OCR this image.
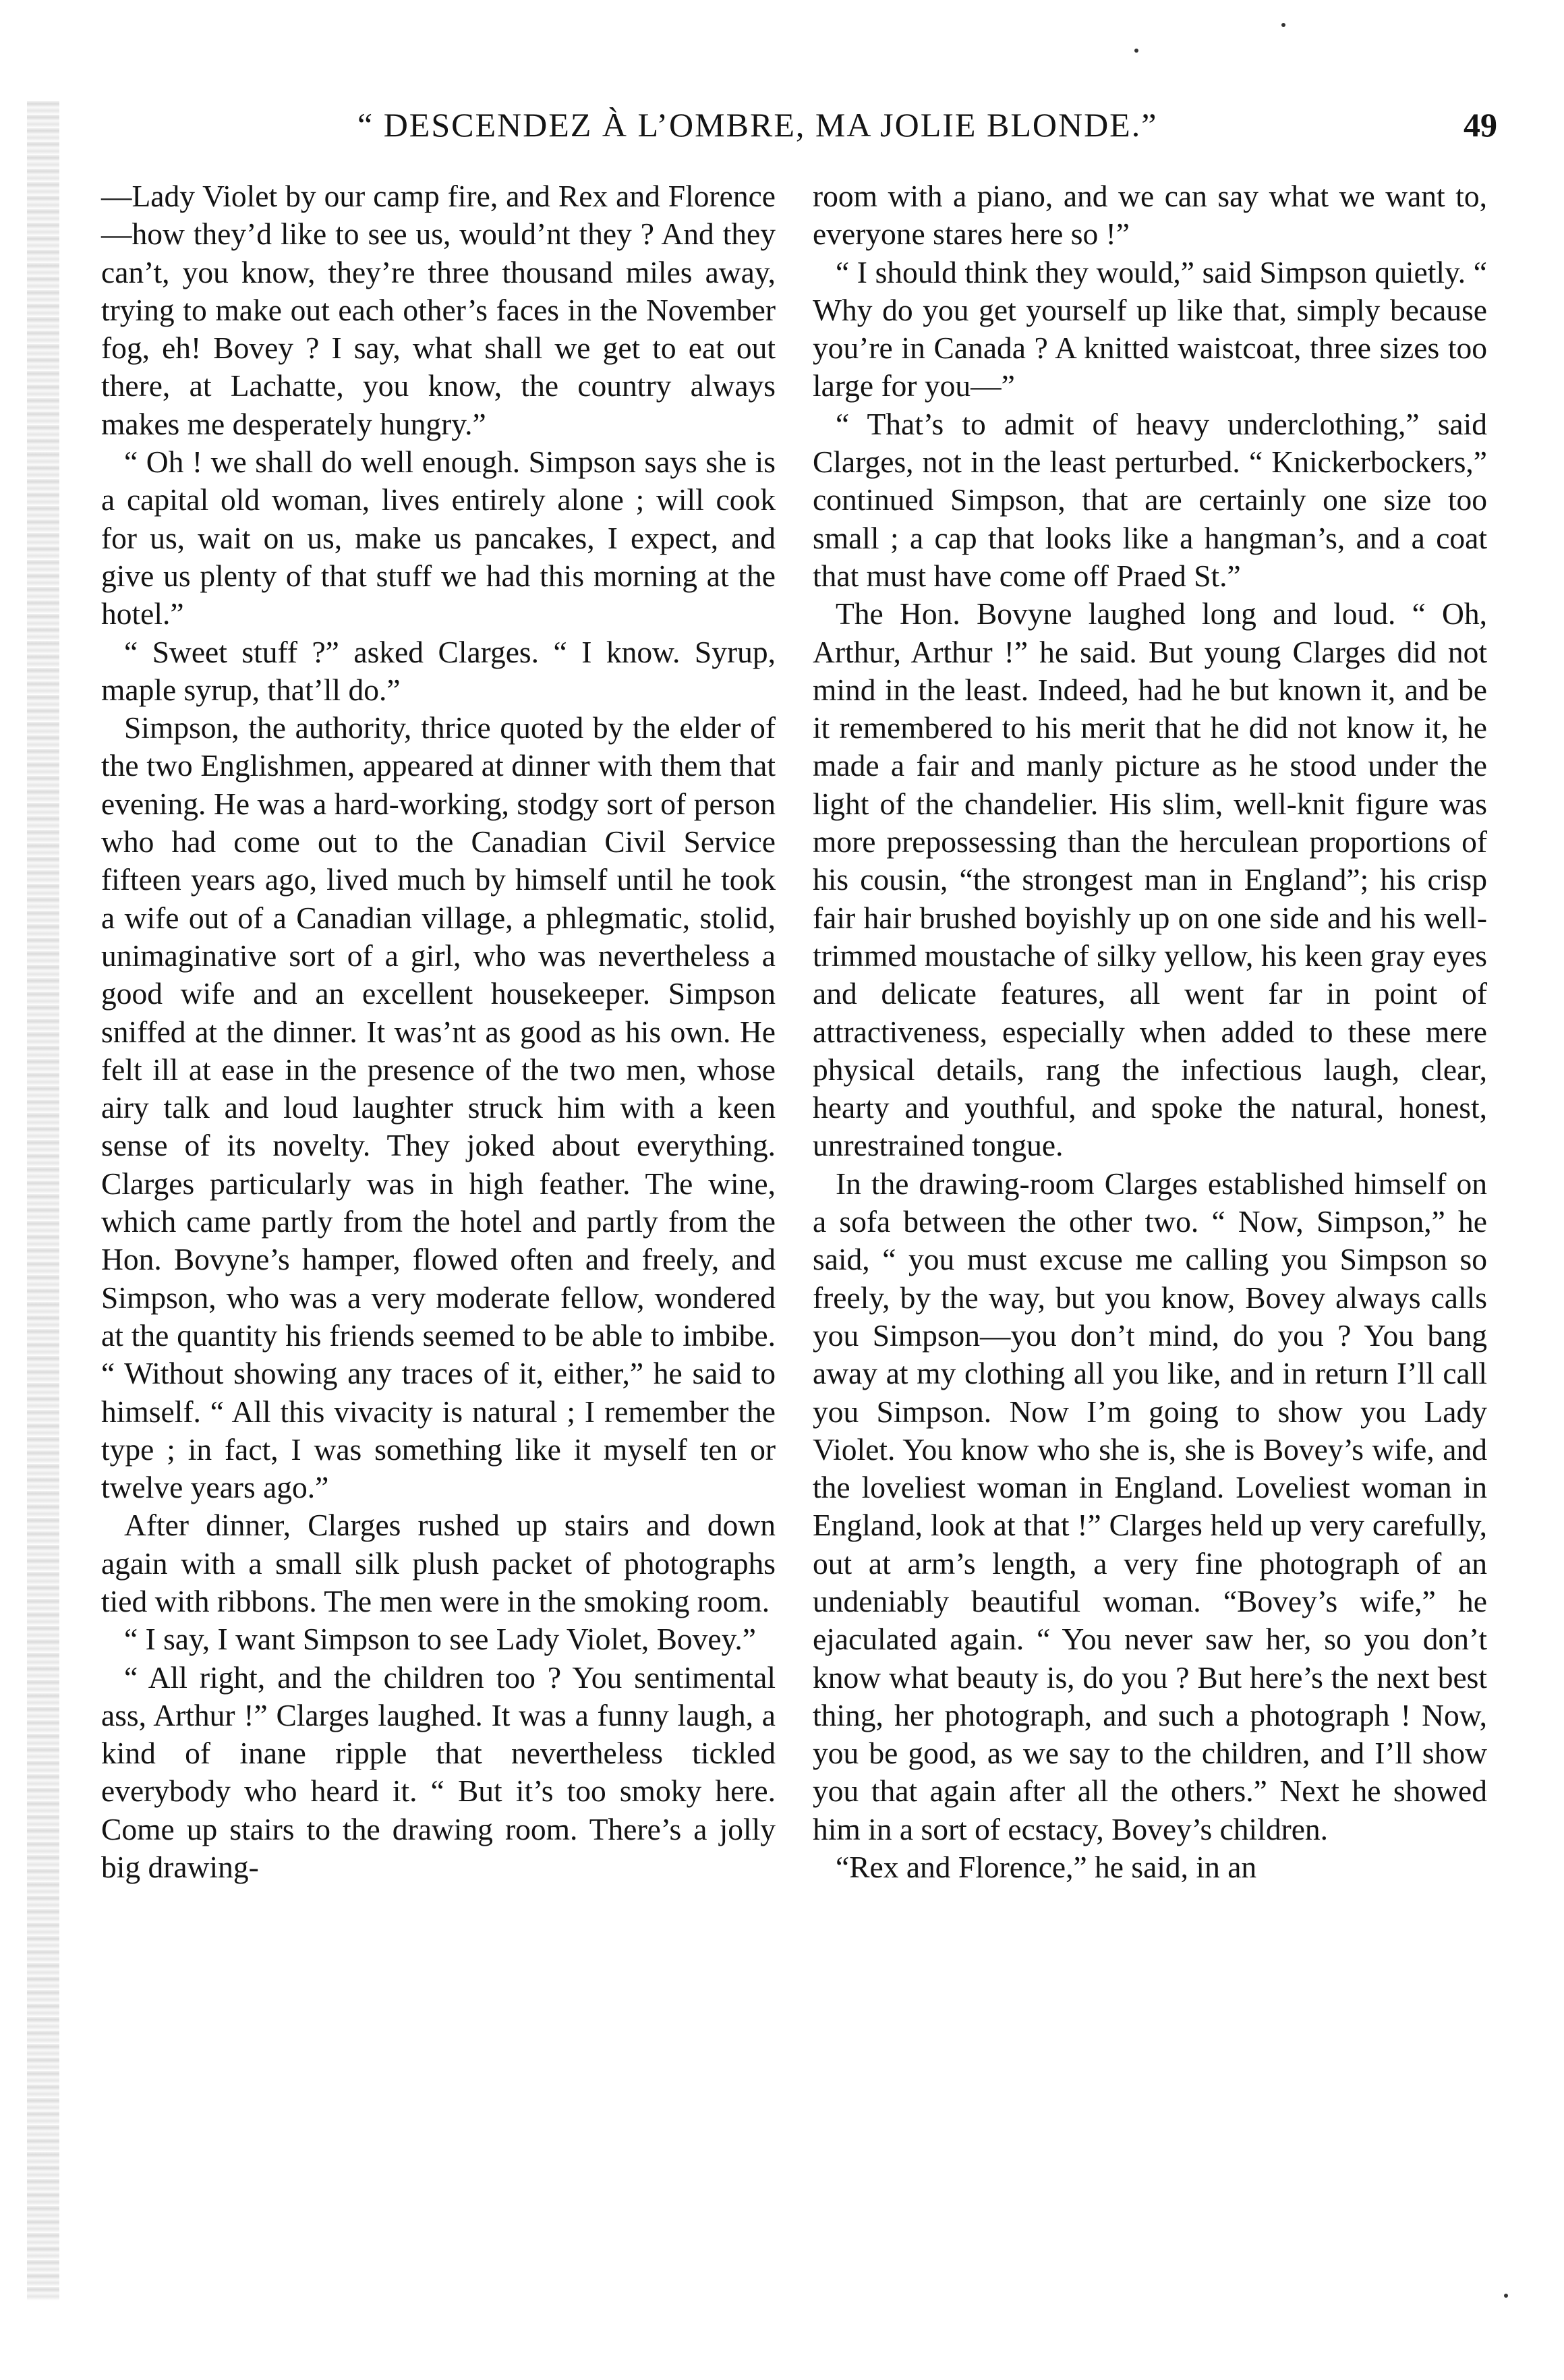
“ DESCENDEZ À L’OMBRE, MA JOLIE BLONDE.”	49

—Lady Violet by our camp fire, and Rex and Florence—how they’d like to see us, would’nt they ? And they can’t, you know, they’re three thousand miles away, trying to make out each other’s faces in the November fog, eh! Bovey ? I say, what shall we get to eat out there, at Lachatte, you know, the country always makes me desperately hungry.”

“ Oh ! we shall do well enough. Simpson says she is a capital old woman, lives entirely alone ; will cook for us, wait on us, make us pancakes, I expect, and give us plenty of that stuff we had this morning at the hotel.”

“ Sweet stuff ?” asked Clarges. “ I know. Syrup, maple syrup, that’ll do.”

Simpson, the authority, thrice quoted by the elder of the two Englishmen, appeared at dinner with them that evening. He was a hard-working, stodgy sort of person who had come out to the Canadian Civil Service fifteen years ago, lived much by himself until he took a wife out of a Canadian village, a phlegmatic, stolid, unimaginative sort of a girl, who was nevertheless a good wife and an excellent housekeeper. Simpson sniffed at the dinner. It was’nt as good as his own. He felt ill at ease in the presence of the two men, whose airy talk and loud laughter struck him with a keen sense of its novelty. They joked about everything. Clarges particularly was in high feather. The wine, which came partly from the hotel and partly from the Hon. Bovyne’s hamper, flowed often and freely, and Simpson, who was a very moderate fellow, wondered at the quantity his friends seemed to be able to imbibe. “ Without showing any traces of it, either,” he said to himself. “ All this vivacity is natural ; I remember the type ; in fact, I was something like it myself ten or twelve years ago.”

After dinner, Clarges rushed up stairs and down again with a small silk plush packet of photographs tied with ribbons. The men were in the smoking room.

“ I say, I want Simpson to see Lady Violet, Bovey.”

“ All right, and the children too ? You sentimental ass, Arthur !” Clarges laughed. It was a funny laugh, a kind of inane ripple that nevertheless tickled everybody who heard it. “ But it’s too smoky here. Come up stairs to the drawing room. There’s a jolly big drawing-

room with a piano, and we can say what we want to, everyone stares here so !”

“ I should think they would,” said Simpson quietly. “ Why do you get yourself up like that, simply because you’re in Canada ? A knitted waistcoat, three sizes too large for you—”

“ That’s to admit of heavy underclothing,” said Clarges, not in the least perturbed. “ Knickerbockers,” continued Simpson, that are certainly one size too small ; a cap that looks like a hangman’s, and a coat that must have come off Praed St.”

The Hon. Bovyne laughed long and loud. “ Oh, Arthur, Arthur !” he said. But young Clarges did not mind in the least. Indeed, had he but known it, and be it remembered to his merit that he did not know it, he made a fair and manly picture as he stood under the light of the chandelier. His slim, well-knit figure was more prepossessing than the herculean proportions of his cousin, “the strongest man in England”; his crisp fair hair brushed boyishly up on one side and his well-trimmed moustache of silky yellow, his keen gray eyes and delicate features, all went far in point of attractiveness, especially when added to these mere physical details, rang the infectious laugh, clear, hearty and youthful, and spoke the natural, honest, unrestrained tongue.

In the drawing-room Clarges established himself on a sofa between the other two. “ Now, Simpson,” he said, “ you must excuse me calling you Simpson so freely, by the way, but you know, Bovey always calls you Simpson—you don’t mind, do you ? You bang away at my clothing all you like, and in return I’ll call you Simpson. Now I’m going to show you Lady Violet. You know who she is, she is Bovey’s wife, and the loveliest woman in England. Loveliest woman in England, look at that !” Clarges held up very carefully, out at arm’s length, a very fine photograph of an undeniably beautiful woman. “Bovey’s wife,” he ejaculated again. “ You never saw her, so you don’t know what beauty is, do you ? But here’s the next best thing, her photograph, and such a photograph ! Now, you be good, as we say to the children, and I’ll show you that again after all the others.” Next he showed him in a sort of ecstacy, Bovey’s children.

“Rex and Florence,” he said, in an
